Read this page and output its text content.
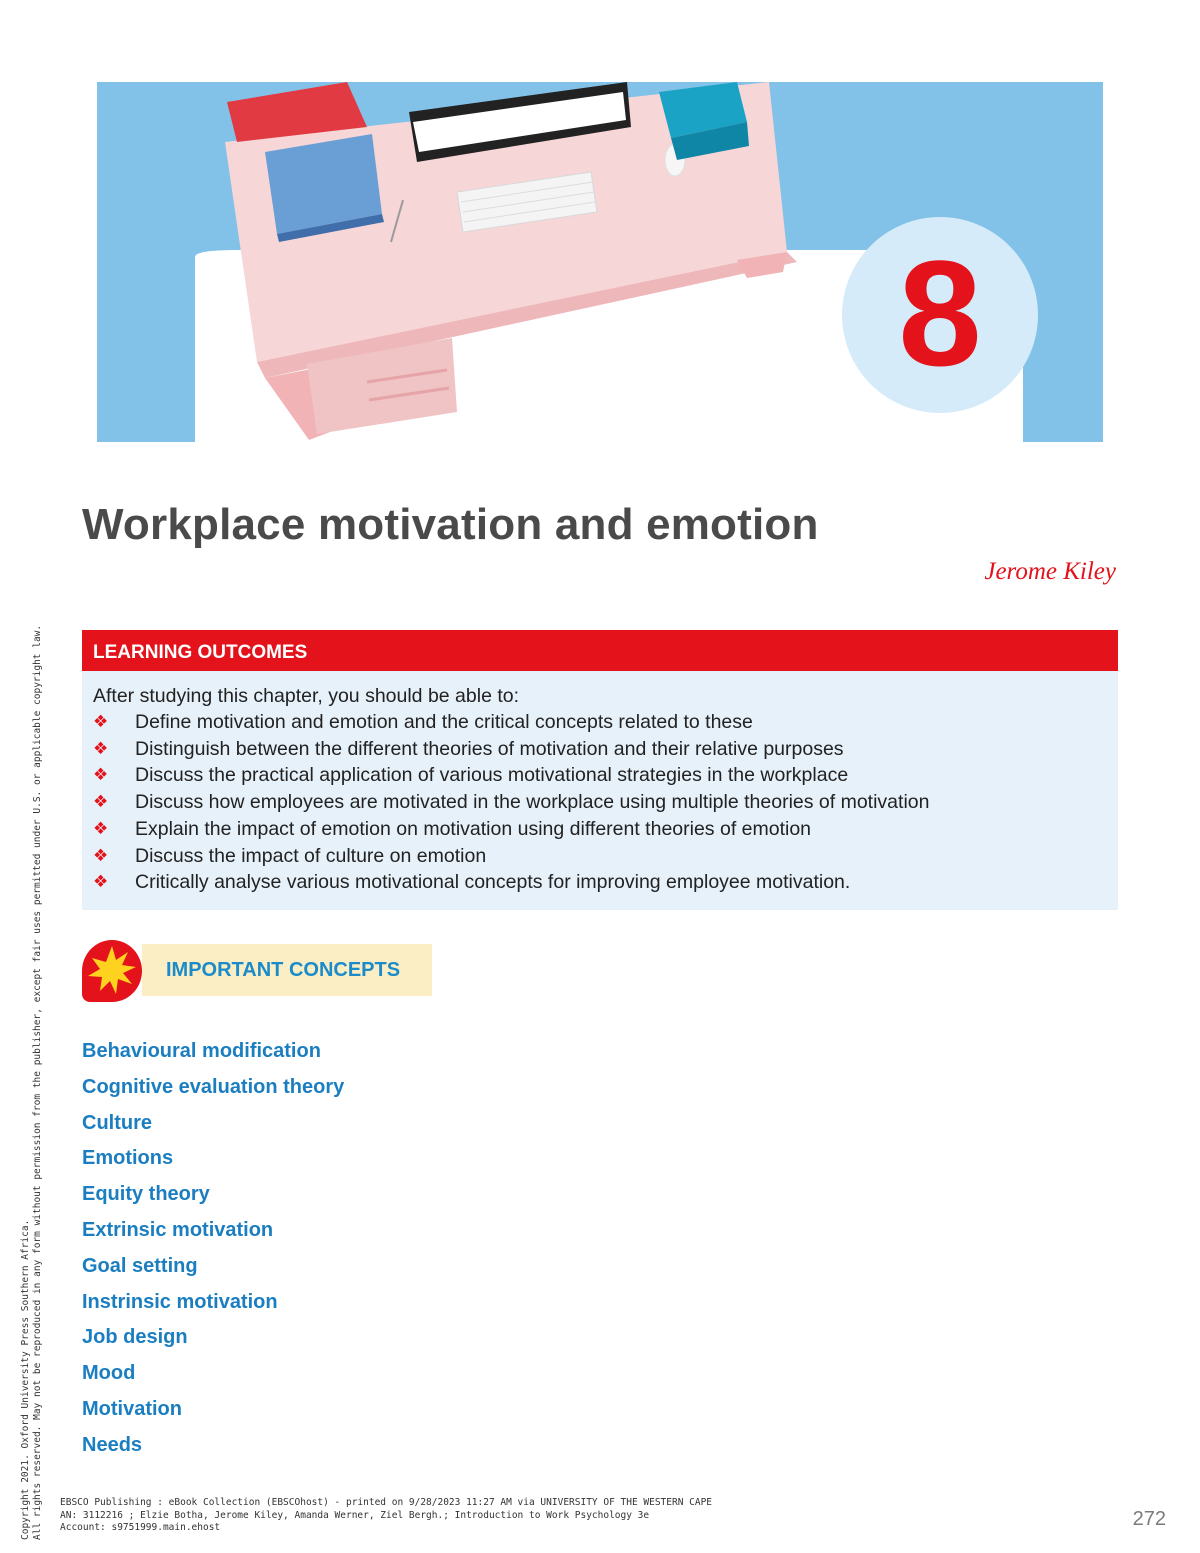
8
Workplace motivation and emotion
Jerome Kiley
LEARNING OUTCOMES
After studying this chapter, you should be able to:
❖ Define motivation and emotion and the critical concepts related to these
❖ Distinguish between the different theories of motivation and their relative purposes
❖ Discuss the practical application of various motivational strategies in the workplace
❖ Discuss how employees are motivated in the workplace using multiple theories of motivation
❖ Explain the impact of emotion on motivation using different theories of emotion
❖ Discuss the impact of culture on emotion
❖ Critically analyse various motivational concepts for improving employee motivation.
IMPORTANT CONCEPTS
Behavioural modification
Cognitive evaluation theory
Culture
Emotions
Equity theory
Extrinsic motivation
Goal setting
Instrinsic motivation
Job design
Mood
Motivation
Needs
Copyright 2021. Oxford University Press Southern Africa. All rights reserved. May not be reproduced in any form without permission from the publisher, except fair uses permitted under U.S. or applicable copyright law. EBSCO Publishing : eBook Collection (EBSCOhost) - printed on 9/28/2023 11:27 AM via UNIVERSITY OF THE WESTERN CAPE
AN: 3112216 ; Elzie Botha, Jerome Kiley, Amanda Werner, Ziel Bergh.; Introduction to Work Psychology 3e
Account: s9751999.main.ehost	272
